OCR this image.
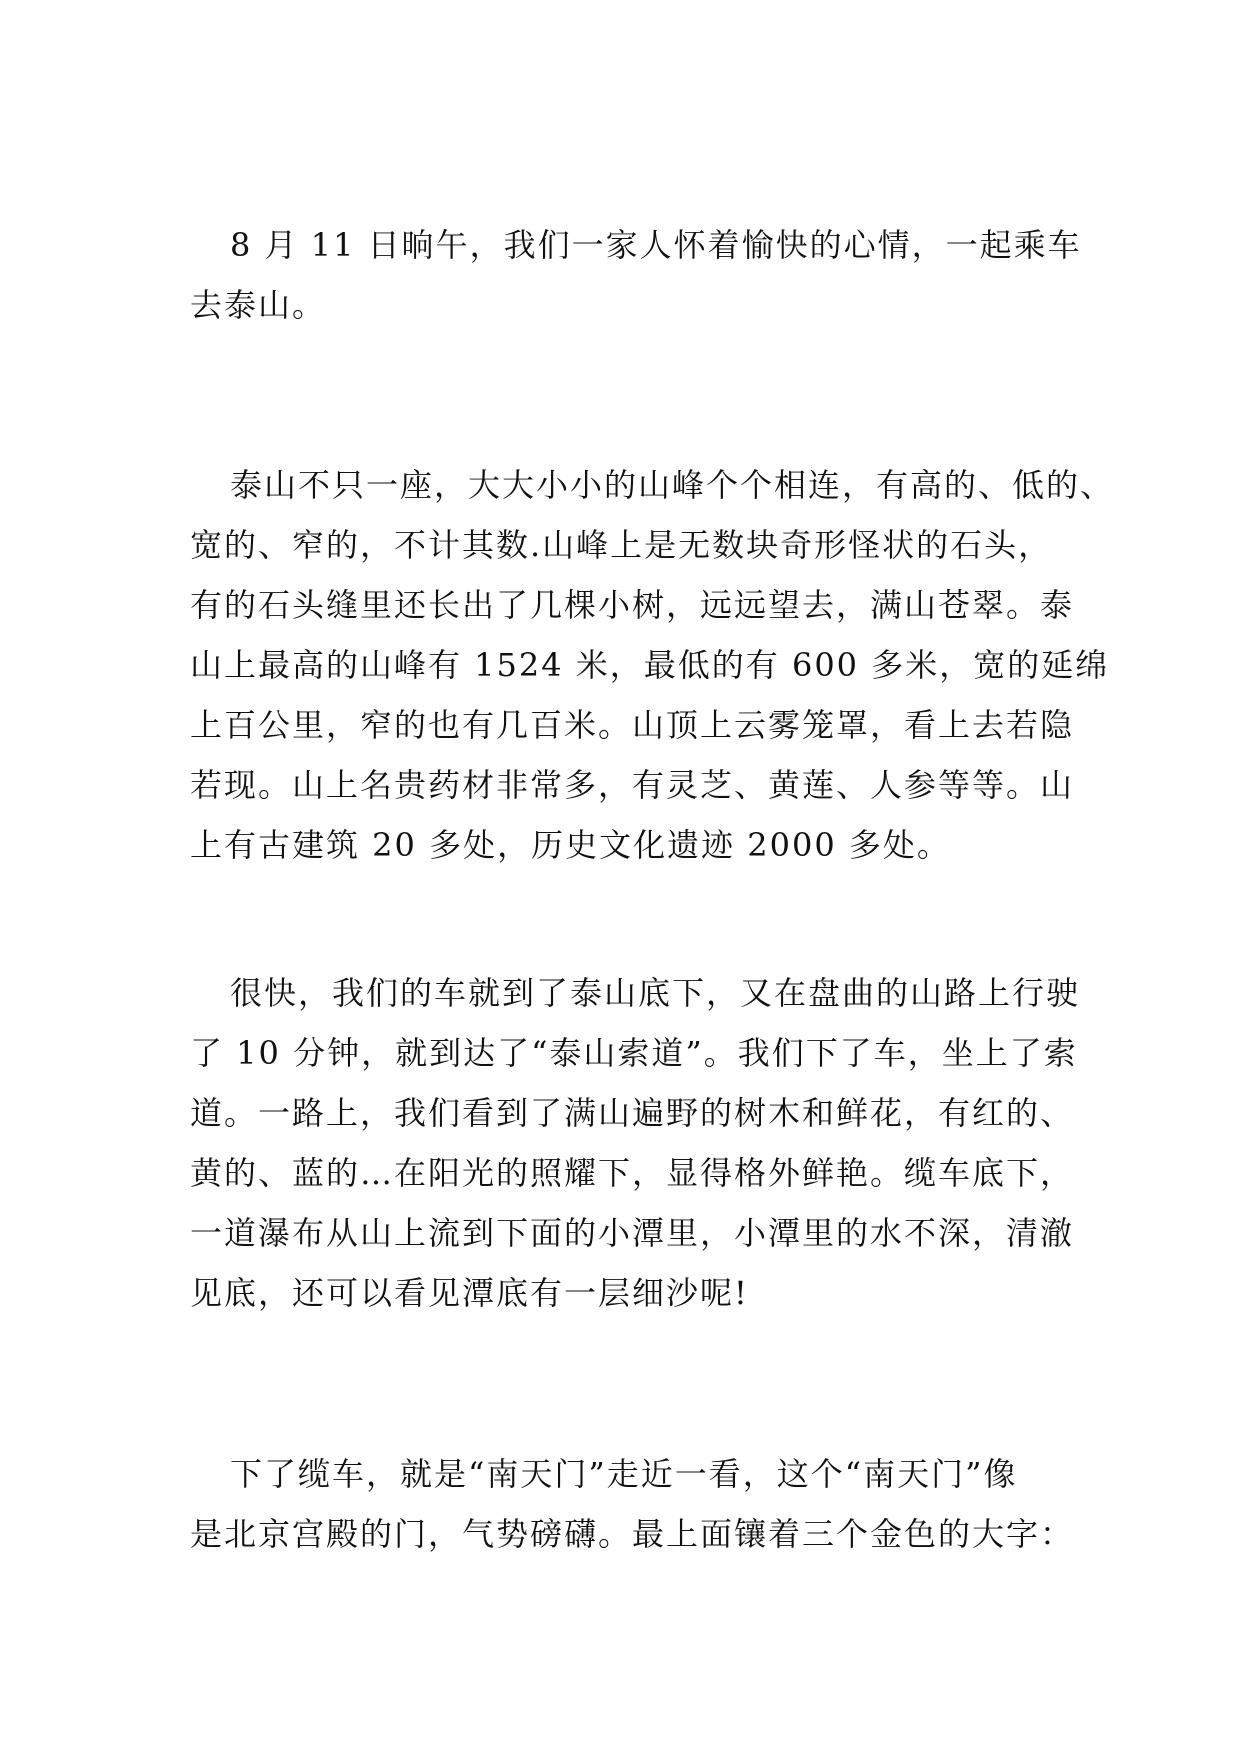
8 月 11 日晌午，我们一家人怀着愉快的心情，一起乘车
去泰山。
泰山不只一座，大大小小的山峰个个相连，有高的、低的、
宽的、窄的，不计其数.山峰上是无数块奇形怪状的石头，
有的石头缝里还长出了几棵小树，远远望去，满山苍翠。泰
山上最高的山峰有 1524 米，最低的有 600 多米，宽的延绵
上百公里，窄的也有几百米。山顶上云雾笼罩，看上去若隐
若现。山上名贵药材非常多，有灵芝、黄莲、人参等等。山
上有古建筑 20 多处，历史文化遗迹 2000 多处。
很快，我们的车就到了泰山底下，又在盘曲的山路上行驶
了 10 分钟，就到达了“泰山索道”。我们下了车，坐上了索
道。一路上，我们看到了满山遍野的树木和鲜花，有红的、
黄的、蓝的…在阳光的照耀下，显得格外鲜艳。缆车底下，
一道瀑布从山上流到下面的小潭里，小潭里的水不深，清澈
见底，还可以看见潭底有一层细沙呢!
下了缆车，就是“南天门”走近一看，这个“南天门”像
是北京宫殿的门，气势磅礴。最上面镶着三个金色的大字：
